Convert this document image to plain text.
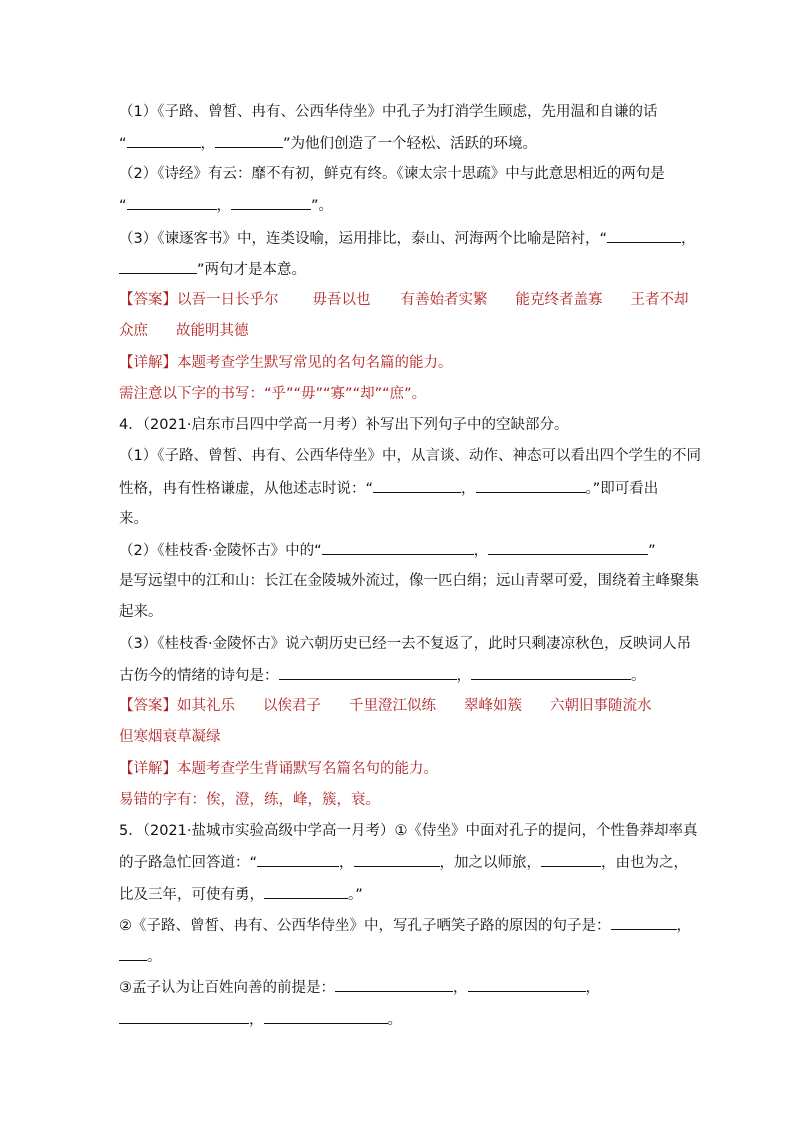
（1）《子路、曾皙、冉有、公西华侍坐》中孔子为打消学生顾虑，先用温和自谦的话
“	，	”为他们创造了一个轻松、活跃的环境。
（2）《诗经》有云：靡不有初，鲜克有终。《谏太宗十思疏》中与此意思相近的两句是
“	，	”。
（3）《谏逐客书》中，连类设喻，运用排比，泰山、河海两个比喻是陪衬，“	，
”两句才是本意。
【答案】以吾一日长乎尔 毋吾以也 有善始者实繁 能克终者盖寡 王者不却
众庶 故能明其德
【详解】本题考查学生默写常见的名句名篇的能力。
需注意以下字的书写：“乎”“毋”“寡”“却”“庶”。
4．（2021·启东市吕四中学高一月考）补写出下列句子中的空缺部分。
（1）《子路、曾皙、冉有、公西华侍坐》中，从言谈、动作、神态可以看出四个学生的不同
性格，冉有性格谦虚，从他述志时说：“	，	。”即可看出
来。
（2）《桂枝香·金陵怀古》中的“	，	”
是写远望中的江和山：长江在金陵城外流过，像一匹白绢；远山青翠可爱，围绕着主峰聚集
起来。
（3）《桂枝香·金陵怀古》说六朝历史已经一去不复返了，此时只剩凄凉秋色，反映词人吊
古伤今的情绪的诗句是：	，	。
【答案】如其礼乐 以俟君子 千里澄江似练 翠峰如簇 六朝旧事随流水
但寒烟衰草凝绿
【详解】本题考查学生背诵默写名篇名句的能力。
易错的字有：俟，澄，练，峰，簇，衰。
5．（2021·盐城市实验高级中学高一月考）①《侍坐》中面对孔子的提问，个性鲁莽却率真
的子路急忙回答道：“	，	，加之以师旅，	，由也为之，
比及三年，可使有勇，	。”
②《子路、曾皙、冉有、公西华侍坐》中，写孔子哂笑子路的原因的句子是：	，
。
③孟子认为让百姓向善的前提是：	，	，
，	。
